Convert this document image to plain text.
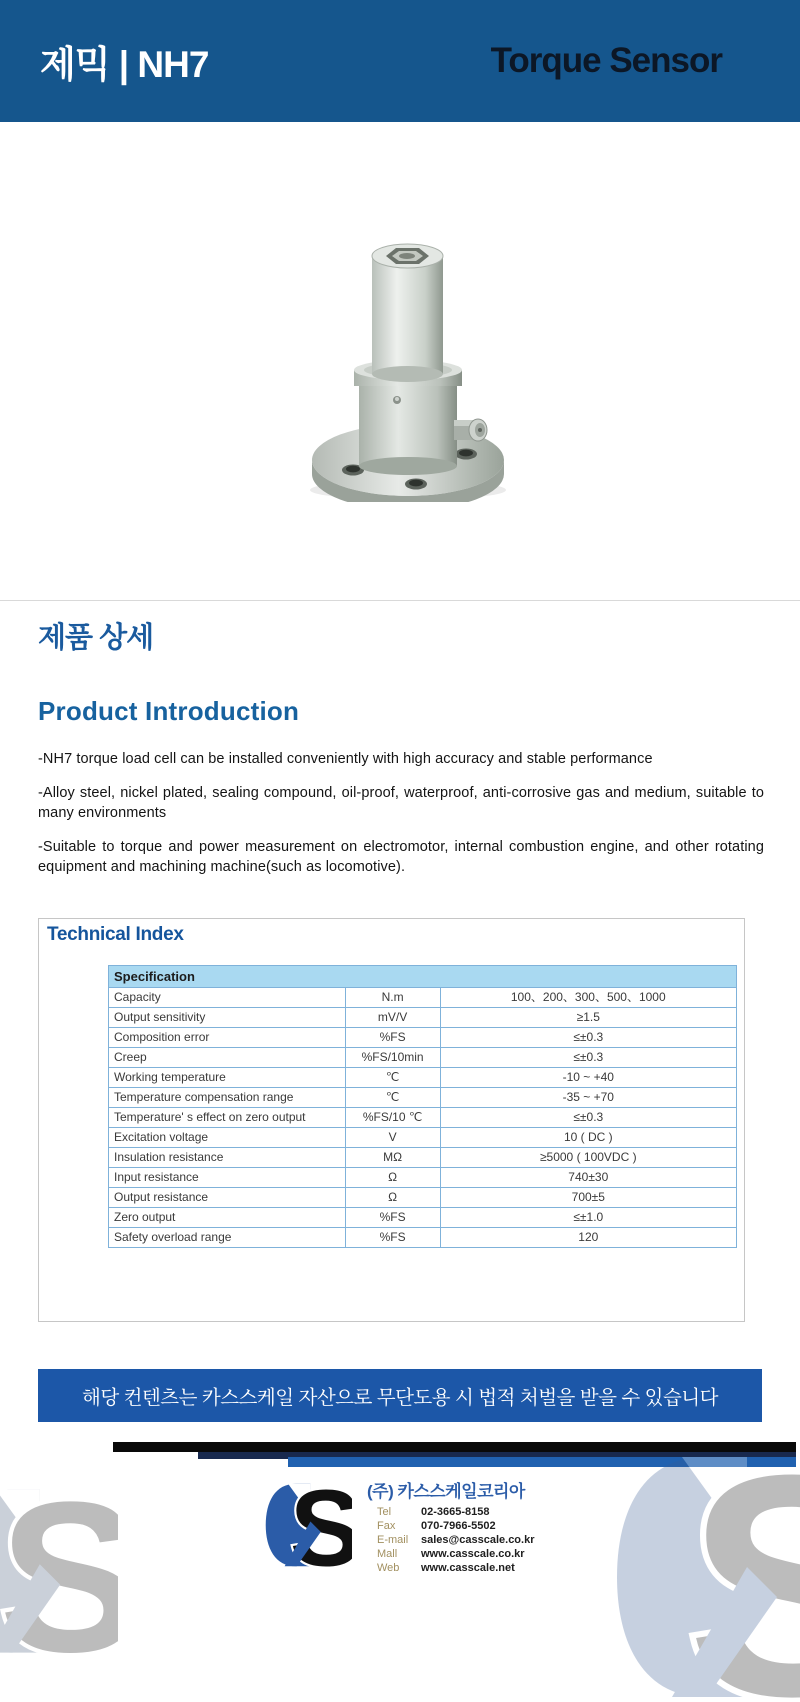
제믹 | NH7	Torque Sensor
제품 상세
Product Introduction

-NH7 torque load cell can be installed conveniently with high accuracy and stable performance

-Alloy steel, nickel plated, sealing compound, oil-proof, waterproof, anti-corrosive gas and medium, suitable to many environments

-Suitable to torque and power measurement on electromotor, internal combustion engine, and other rotating equipment and machining machine(such as locomotive).

Technical Index
Specification		
Capacity	N.m	100、200、300、500、1000
Output sensitivity	mV/V	≥1.5
Composition error	%FS	≤±0.3
Creep	%FS/10min	≤±0.3
Working temperature	℃	-10 ~ +40
Temperature compensation range	℃	-35 ~ +70
Temperature' s effect on zero output	%FS/10 ℃	≤±0.3
Excitation voltage	V	10 ( DC )
Insulation resistance	MΩ	≥5000 ( 100VDC )
Input resistance	Ω	740±30
Output resistance	Ω	700±5
Zero output	%FS	≤±1.0
Safety overload range	%FS	120
해당 컨텐츠는 카스스케일 자산으로 무단도용 시 법적 처벌을 받을 수 있습니다
(주) 카스스케일코리아
Tel	02-3665-8158
Fax	070-7966-5502
E-mail	sales@casscale.co.kr
Mall	www.casscale.co.kr
Web	www.casscale.net
